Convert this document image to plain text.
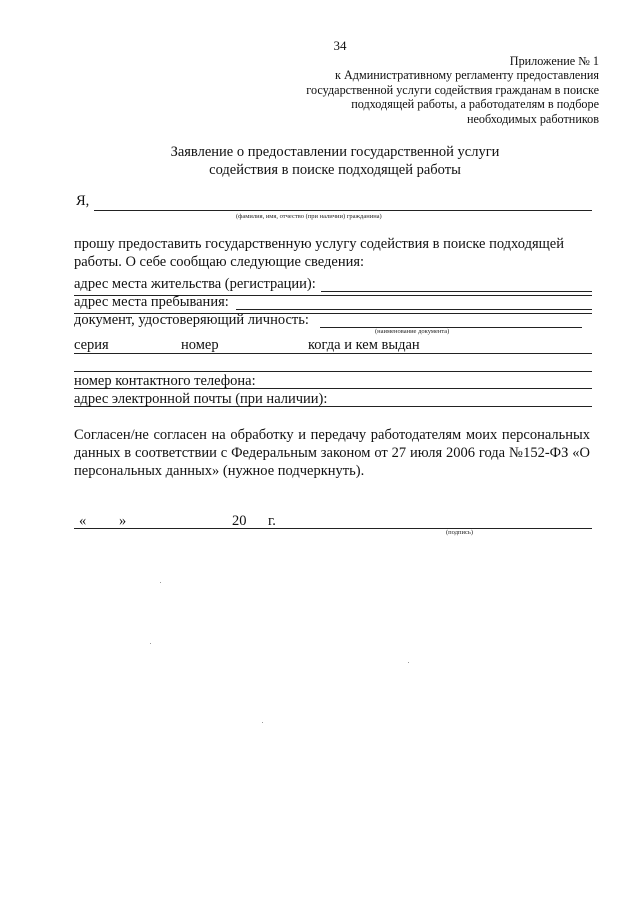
34
Приложение № 1
к Административному регламенту предоставления
государственной услуги содействия гражданам в поиске
подходящей работы, а работодателям в подборе
необходимых работников
Заявление о предоставлении государственной услуги
содействия в поиске подходящей работы
Я,
(фамилия, имя, отчество (при наличии) гражданина)
прошу предоставить государственную услугу содействия в поиске подходящей
работы. О себе сообщаю следующие сведения:
адрес места жительства (регистрации):
адрес места пребывания:
документ, удостоверяющий личность:
(наименование документа)
серия	номер	когда и кем выдан
номер контактного телефона:
адрес электронной почты (при наличии):
Согласен/не согласен на обработку и передачу работодателям моих персональных данных в соответствии с Федеральным законом от 27 июля 2006 года №152-ФЗ «О персональных данных» (нужное подчеркнуть).
« »	20 г.
(подпись)
